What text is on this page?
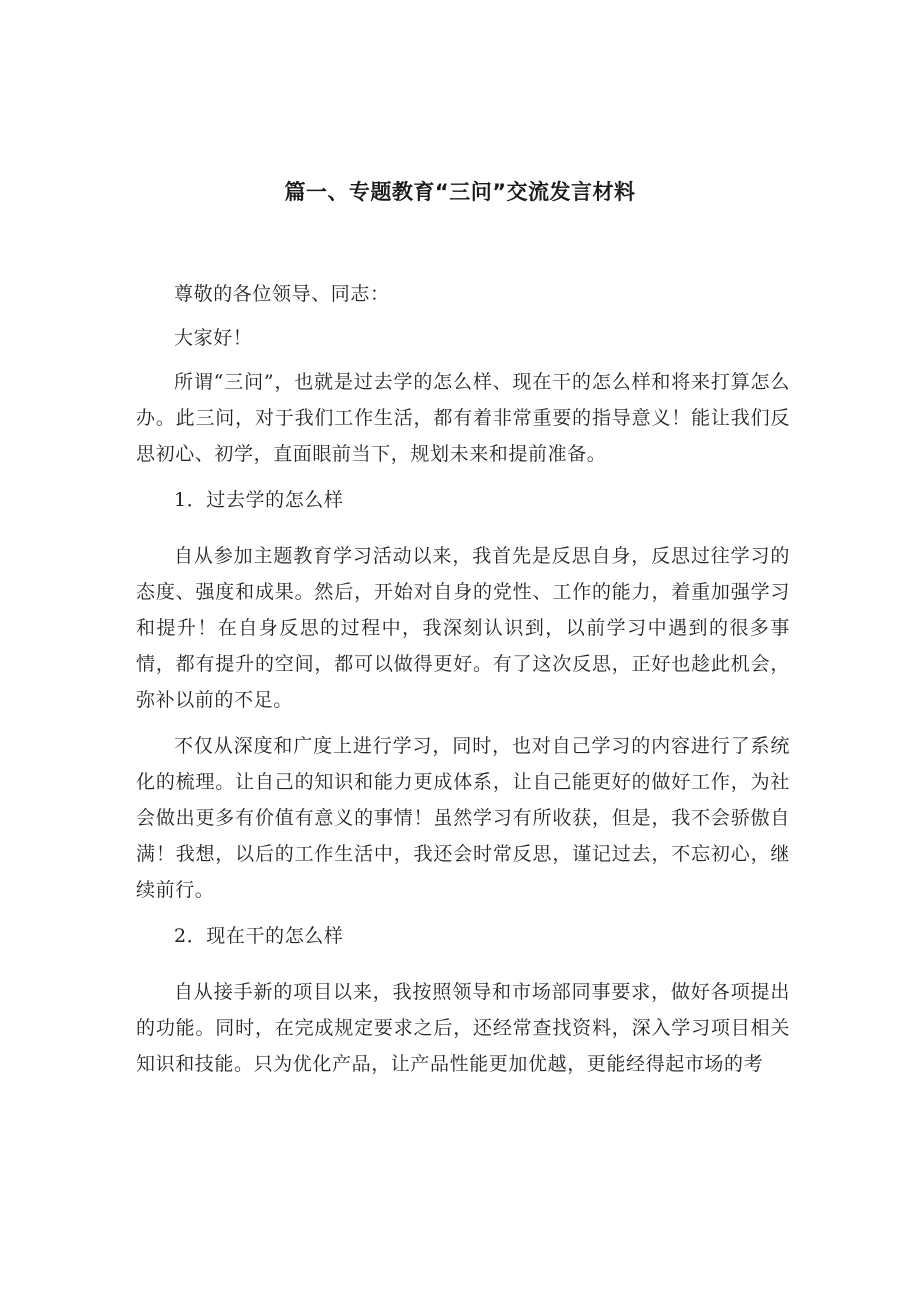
篇一、专题教育“三问”交流发言材料

尊敬的各位领导、同志：

大家好！

所谓“三问”，也就是过去学的怎么样、现在干的怎么样和将来打算怎么办。此三问，对于我们工作生活，都有着非常重要的指导意义！能让我们反思初心、初学，直面眼前当下，规划未来和提前准备。

1．过去学的怎么样

自从参加主题教育学习活动以来，我首先是反思自身，反思过往学习的态度、强度和成果。然后，开始对自身的党性、工作的能力，着重加强学习和提升！在自身反思的过程中，我深刻认识到，以前学习中遇到的很多事情，都有提升的空间，都可以做得更好。有了这次反思，正好也趁此机会，弥补以前的不足。

不仅从深度和广度上进行学习，同时，也对自己学习的内容进行了系统化的梳理。让自己的知识和能力更成体系，让自己能更好的做好工作，为社会做出更多有价值有意义的事情！虽然学习有所收获，但是，我不会骄傲自满！我想，以后的工作生活中，我还会时常反思，谨记过去，不忘初心，继续前行。

2．现在干的怎么样

自从接手新的项目以来，我按照领导和市场部同事要求，做好各项提出的功能。同时，在完成规定要求之后，还经常查找资料，深入学习项目相关知识和技能。只为优化产品，让产品性能更加优越，更能经得起市场的考
